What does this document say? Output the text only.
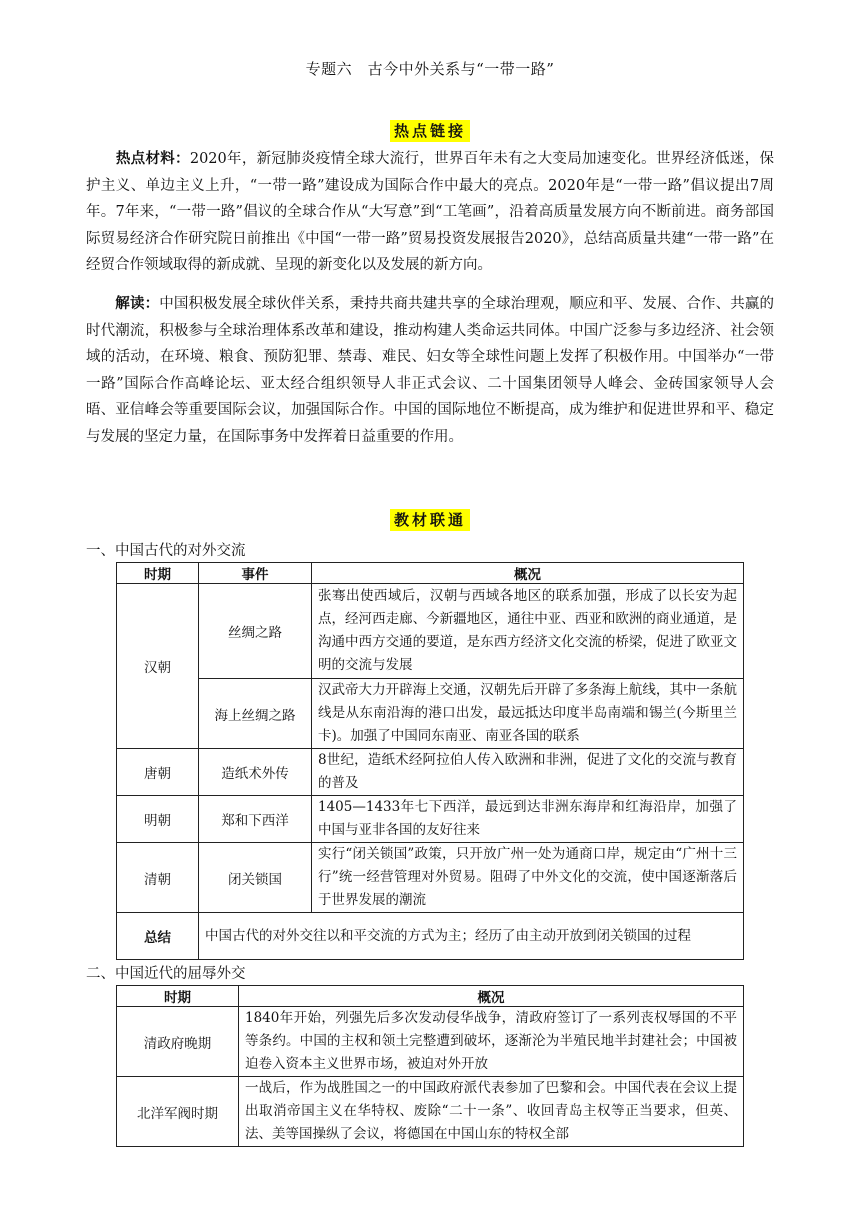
专题六　古今中外关系与“一带一路”
热点链接

　　热点材料：2020年，新冠肺炎疫情全球大流行，世界百年未有之大变局加速变化。世界经济低迷，保护主义、单边主义上升，“一带一路”建设成为国际合作中最大的亮点。2020年是“一带一路”倡议提出7周年。7年来，“一带一路”倡议的全球合作从“大写意”到“工笔画”，沿着高质量发展方向不断前进。商务部国际贸易经济合作研究院日前推出《中国“一带一路”贸易投资发展报告2020》，总结高质量共建“一带一路”在经贸合作领域取得的新成就、呈现的新变化以及发展的新方向。

　　解读：中国积极发展全球伙伴关系，秉持共商共建共享的全球治理观，顺应和平、发展、合作、共赢的时代潮流，积极参与全球治理体系改革和建设，推动构建人类命运共同体。中国广泛参与多边经济、社会领域的活动，在环境、粮食、预防犯罪、禁毒、难民、妇女等全球性问题上发挥了积极作用。中国举办“一带一路”国际合作高峰论坛、亚太经合组织领导人非正式会议、二十国集团领导人峰会、金砖国家领导人会晤、亚信峰会等重要国际会议，加强国际合作。中国的国际地位不断提高，成为维护和促进世界和平、稳定与发展的坚定力量，在国际事务中发挥着日益重要的作用。

教材联通
一、中国古代的对外交流
时期	事件	概况
汉朝	丝绸之路	张骞出使西域后，汉朝与西域各地区的联系加强，形成了以长安为起点，经河西走廊、今新疆地区，通往中亚、西亚和欧洲的商业通道，是沟通中西方交通的要道，是东西方经济文化交流的桥梁，促进了欧亚文明的交流与发展
	海上丝绸之路	汉武帝大力开辟海上交通，汉朝先后开辟了多条海上航线，其中一条航线是从东南沿海的港口出发，最远抵达印度半岛南端和锡兰(今斯里兰卡)。加强了中国同东南亚、南亚各国的联系
唐朝	造纸术外传	8世纪，造纸术经阿拉伯人传入欧洲和非洲，促进了文化的交流与教育的普及
明朝	郑和下西洋	1405—1433年七下西洋，最远到达非洲东海岸和红海沿岸，加强了中国与亚非各国的友好往来
清朝	闭关锁国	实行“闭关锁国”政策，只开放广州一处为通商口岸，规定由“广州十三行”统一经营管理对外贸易。阻碍了中外文化的交流，使中国逐渐落后于世界发展的潮流
总结	中国古代的对外交往以和平交流的方式为主；经历了由主动开放到闭关锁国的过程	
二、中国近代的屈辱外交
时期	概况
清政府晚期	1840年开始，列强先后多次发动侵华战争，清政府签订了一系列丧权辱国的不平等条约。中国的主权和领土完整遭到破坏，逐渐沦为半殖民地半封建社会；中国被迫卷入资本主义世界市场，被迫对外开放
北洋军阀时期	一战后，作为战胜国之一的中国政府派代表参加了巴黎和会。中国代表在会议上提出取消帝国主义在华特权、废除“二十一条”、收回青岛主权等正当要求，但英、法、美等国操纵了会议，将德国在中国山东的特权全部
